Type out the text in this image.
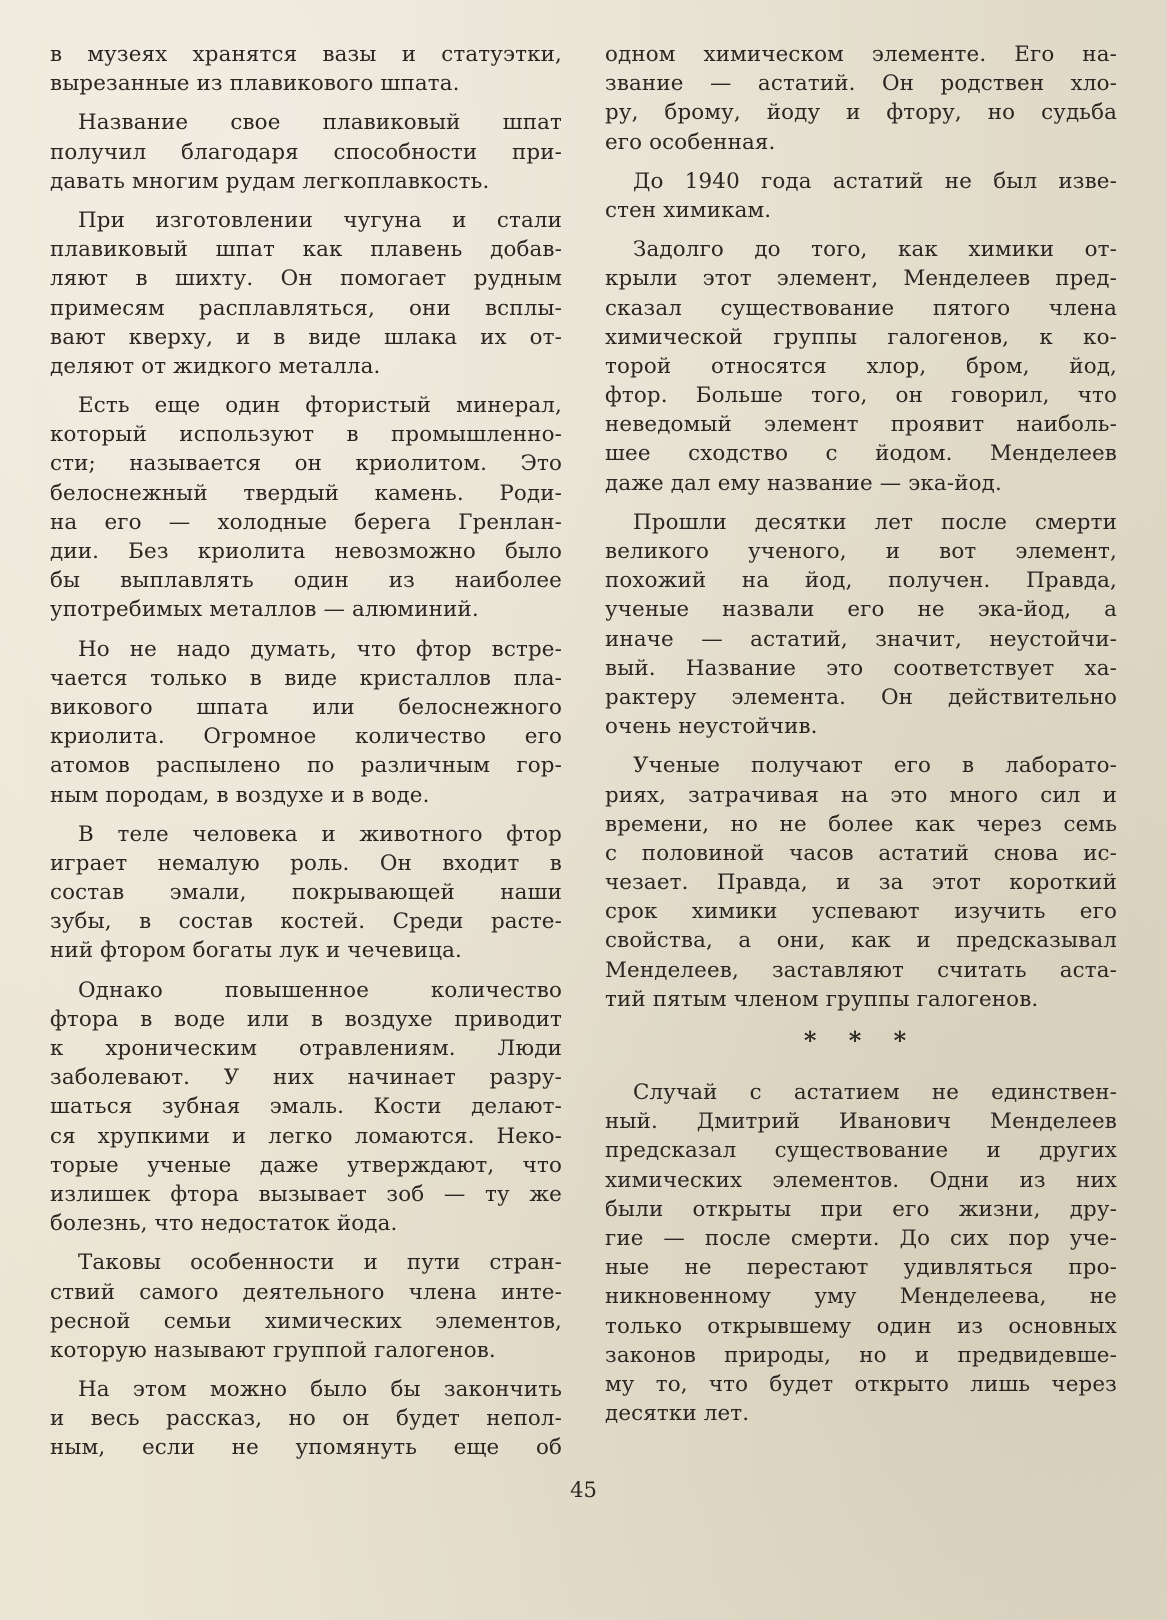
в музеях хранятся вазы и статуэтки,
вырезанные из плавикового шпата.
Название свое плавиковый шпат
получил благодаря способности при-
давать многим рудам легкоплавкость.
При изготовлении чугуна и стали
плавиковый шпат как плавень добав-
ляют в шихту. Он помогает рудным
примесям расплавляться, они всплы-
вают кверху, и в виде шлака их от-
деляют от жидкого металла.
Есть еще один фтористый минерал,
который используют в промышленно-
сти; называется он криолитом. Это
белоснежный твердый камень. Роди-
на его — холодные берега Гренлан-
дии. Без криолита невозможно было
бы выплавлять один из наиболее
употребимых металлов — алюминий.
Но не надо думать, что фтор встре-
чается только в виде кристаллов пла-
викового шпата или белоснежного
криолита. Огромное количество его
атомов распылено по различным гор-
ным породам, в воздухе и в воде.
В теле человека и животного фтор
играет немалую роль. Он входит в
состав эмали, покрывающей наши
зубы, в состав костей. Среди расте-
ний фтором богаты лук и чечевица.
Однако повышенное количество
фтора в воде или в воздухе приводит
к хроническим отравлениям. Люди
заболевают. У них начинает разру-
шаться зубная эмаль. Кости делают-
ся хрупкими и легко ломаются. Неко-
торые ученые даже утверждают, что
излишек фтора вызывает зоб — ту же
болезнь, что недостаток йода.
Таковы особенности и пути стран-
ствий самого деятельного члена инте-
ресной семьи химических элементов,
которую называют группой галогенов.
На этом можно было бы закончить
и весь рассказ, но он будет непол-
ным, если не упомянуть еще об
одном химическом элементе. Его на-
звание — астатий. Он родствен хло-
ру, брому, йоду и фтору, но судьба
его особенная.
До 1940 года астатий не был изве-
стен химикам.
Задолго до того, как химики от-
крыли этот элемент, Менделеев пред-
сказал существование пятого члена
химической группы галогенов, к ко-
торой относятся хлор, бром, йод,
фтор. Больше того, он говорил, что
неведомый элемент проявит наиболь-
шее сходство с йодом. Менделеев
даже дал ему название — эка-йод.
Прошли десятки лет после смерти
великого ученого, и вот элемент,
похожий на йод, получен. Правда,
ученые назвали его не эка-йод, а
иначе — астатий, значит, неустойчи-
вый. Название это соответствует ха-
рактеру элемента. Он действительно
очень неустойчив.
Ученые получают его в лаборато-
риях, затрачивая на это много сил и
времени, но не более как через семь
с половиной часов астатий снова ис-
чезает. Правда, и за этот короткий
срок химики успевают изучить его
свойства, а они, как и предсказывал
Менделеев, заставляют считать аста-
тий пятым членом группы галогенов.
* * *
Случай с астатием не единствен-
ный. Дмитрий Иванович Менделеев
предсказал существование и других
химических элементов. Одни из них
были открыты при его жизни, дру-
гие — после смерти. До сих пор уче-
ные не перестают удивляться про-
никновенному уму Менделеева, не
только открывшему один из основных
законов природы, но и предвидевше-
му то, что будет открыто лишь через
десятки лет.
45
